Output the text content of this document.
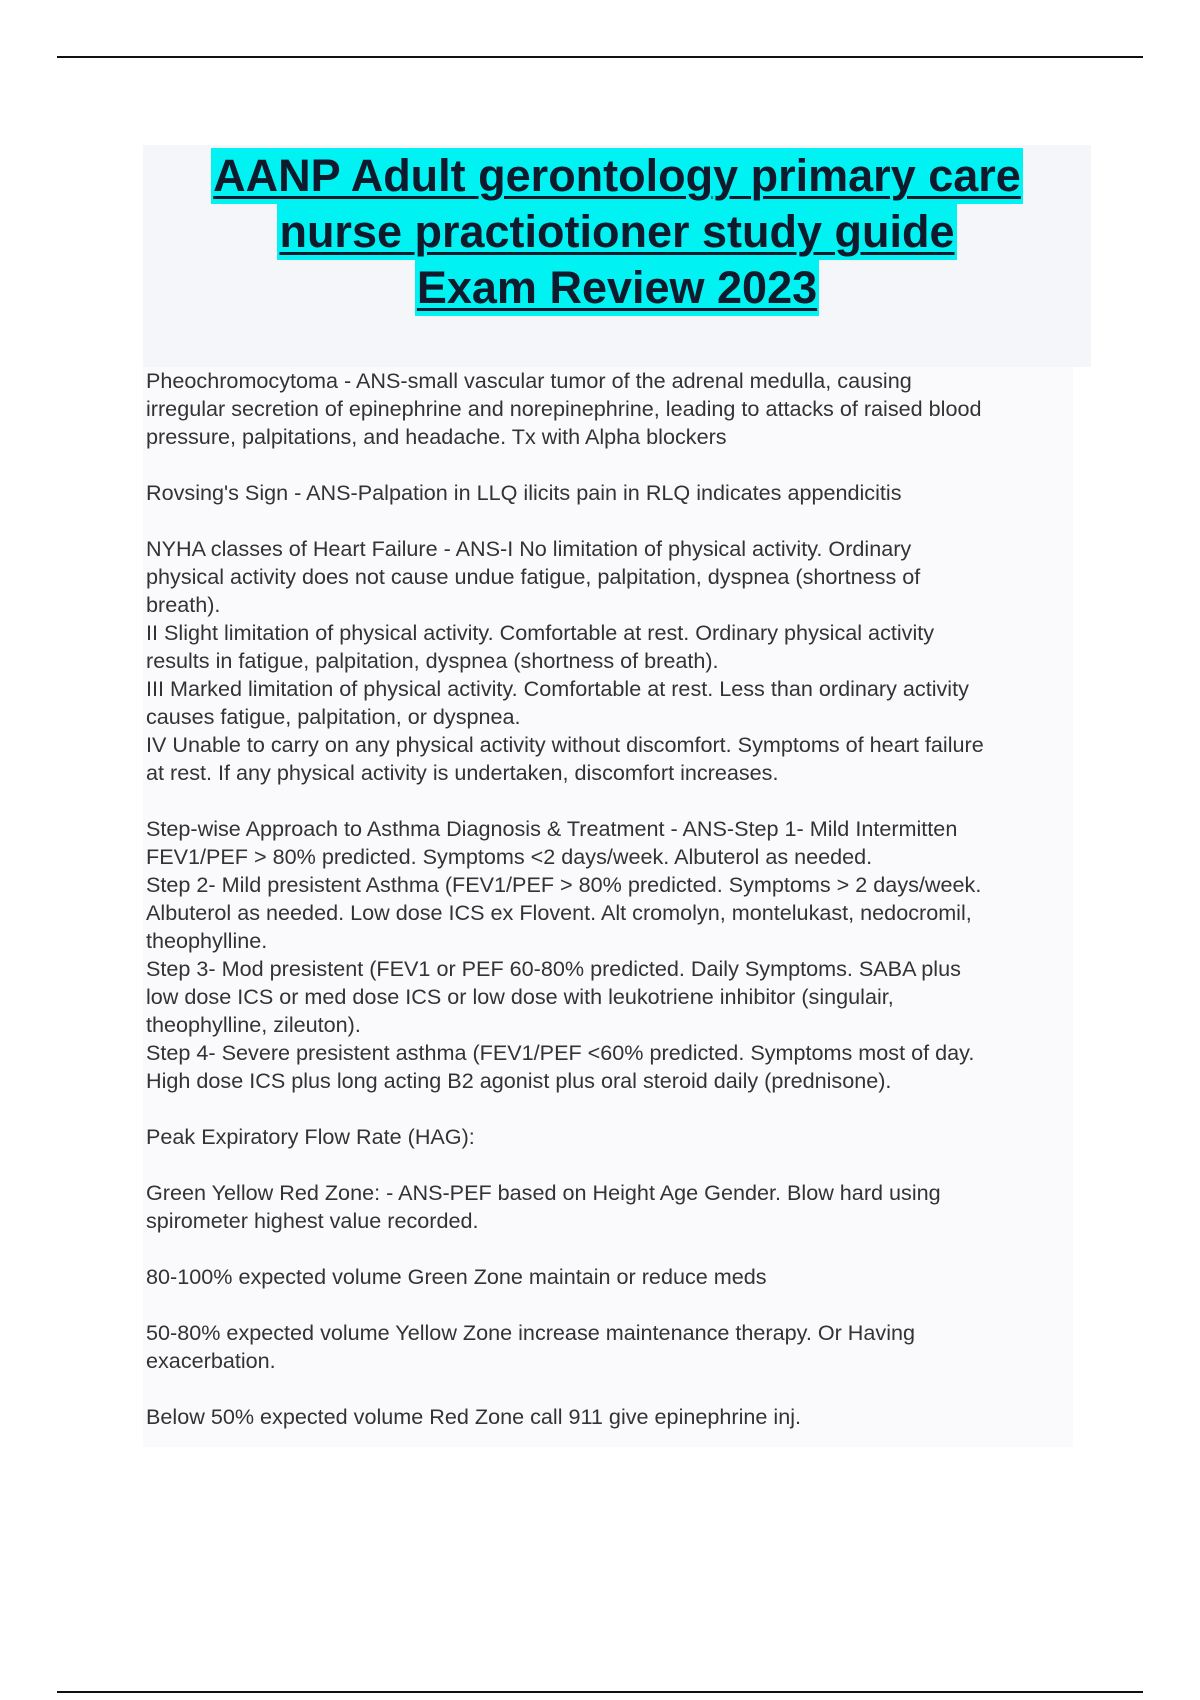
AANP Adult gerontology primary care
nurse practiotioner study guide
Exam Review 2023
Pheochromocytoma - ANS-small vascular tumor of the adrenal medulla, causing
irregular secretion of epinephrine and norepinephrine, leading to attacks of raised blood
pressure, palpitations, and headache. Tx with Alpha blockers
Rovsing's Sign - ANS-Palpation in LLQ ilicits pain in RLQ indicates appendicitis
NYHA classes of Heart Failure - ANS-I No limitation of physical activity. Ordinary
physical activity does not cause undue fatigue, palpitation, dyspnea (shortness of
breath).
II Slight limitation of physical activity. Comfortable at rest. Ordinary physical activity
results in fatigue, palpitation, dyspnea (shortness of breath).
III Marked limitation of physical activity. Comfortable at rest. Less than ordinary activity
causes fatigue, palpitation, or dyspnea.
IV Unable to carry on any physical activity without discomfort. Symptoms of heart failure
at rest. If any physical activity is undertaken, discomfort increases.
Step-wise Approach to Asthma Diagnosis & Treatment - ANS-Step 1- Mild Intermitten
FEV1/PEF > 80% predicted. Symptoms <2 days/week. Albuterol as needed.
Step 2- Mild presistent Asthma (FEV1/PEF > 80% predicted. Symptoms > 2 days/week.
Albuterol as needed. Low dose ICS ex Flovent. Alt cromolyn, montelukast, nedocromil,
theophylline.
Step 3- Mod presistent (FEV1 or PEF 60-80% predicted. Daily Symptoms. SABA plus
low dose ICS or med dose ICS or low dose with leukotriene inhibitor (singulair,
theophylline, zileuton).
Step 4- Severe presistent asthma (FEV1/PEF <60% predicted. Symptoms most of day.
High dose ICS plus long acting B2 agonist plus oral steroid daily (prednisone).
Peak Expiratory Flow Rate (HAG):
Green Yellow Red Zone: - ANS-PEF based on Height Age Gender. Blow hard using
spirometer highest value recorded.
80-100% expected volume Green Zone maintain or reduce meds
50-80% expected volume Yellow Zone increase maintenance therapy. Or Having
exacerbation.
Below 50% expected volume Red Zone call 911 give epinephrine inj.
